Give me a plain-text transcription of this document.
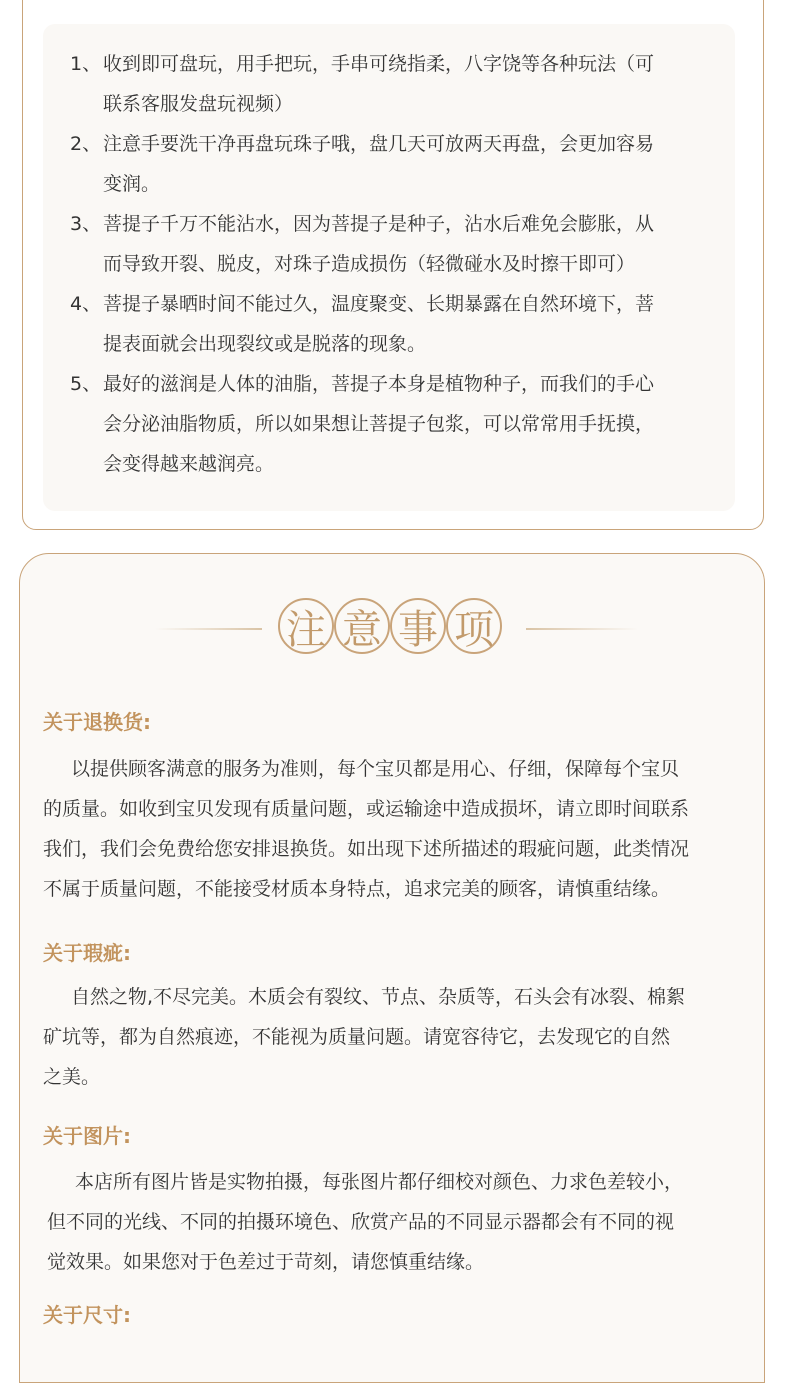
1、 收到即可盘玩，用手把玩，手串可绕指柔，八字饶等各种玩法（可
联系客服发盘玩视频）
2、 注意手要洗干净再盘玩珠子哦，盘几天可放两天再盘，会更加容易
变润。
3、 菩提子千万不能沾水，因为菩提子是种子，沾水后难免会膨胀，从
而导致开裂、脱皮，对珠子造成损伤（轻微碰水及时擦干即可）
4、 菩提子暴晒时间不能过久，温度聚变、长期暴露在自然环境下，菩
提表面就会出现裂纹或是脱落的现象。
5、 最好的滋润是人体的油脂，菩提子本身是植物种子，而我们的手心
会分泌油脂物质，所以如果想让菩提子包浆，可以常常用手抚摸，
会变得越来越润亮。
注 意 事 项
关于退换货:
以提供顾客满意的服务为准则，每个宝贝都是用心、仔细，保障每个宝贝
的质量。如收到宝贝发现有质量问题，或运输途中造成损坏，请立即时间联系
我们，我们会免费给您安排退换货。如出现下述所描述的瑕疵问题，此类情况
不属于质量问题，不能接受材质本身特点，追求完美的顾客，请慎重结缘。
关于瑕疵:
自然之物,不尽完美。木质会有裂纹、节点、杂质等，石头会有冰裂、棉絮
矿坑等，都为自然痕迹，不能视为质量问题。请宽容待它，去发现它的自然
之美。
关于图片:
本店所有图片皆是实物拍摄，每张图片都仔细校对颜色、力求色差较小，
但不同的光线、不同的拍摄环境色、欣赏产品的不同显示器都会有不同的视
觉效果。如果您对于色差过于苛刻，请您慎重结缘。
关于尺寸:
